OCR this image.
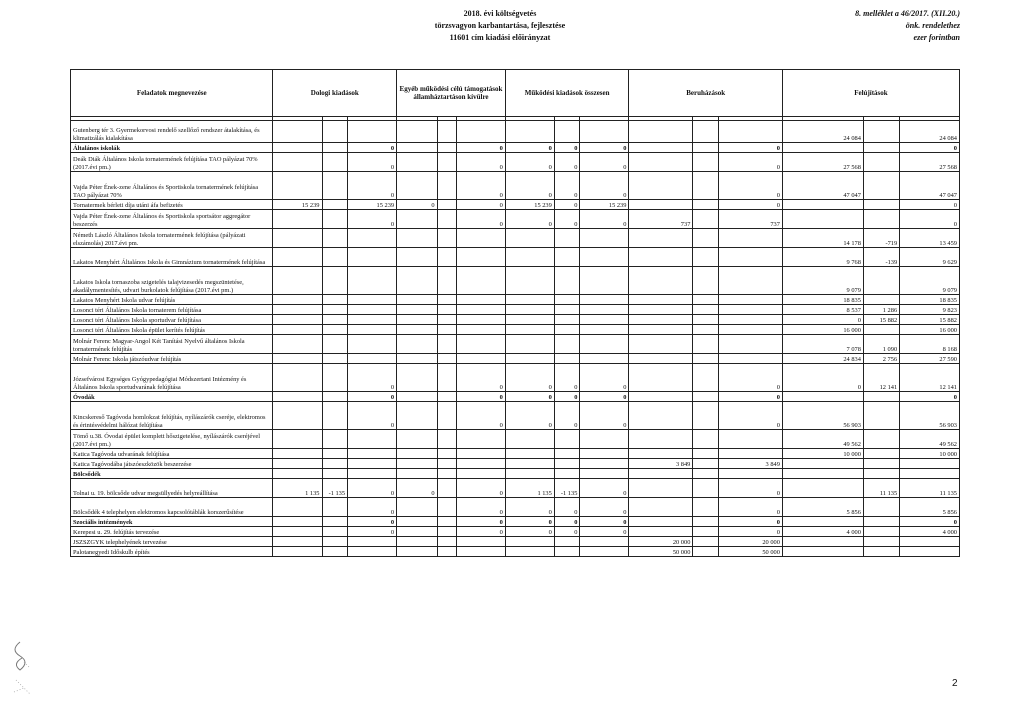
2018. évi költségvetés
törzsvagyon karbantartása, fejlesztése
11601 cím kiadási előirányzat
8. melléklet a 46/2017. (XII.20.)
önk. rendelethez
ezer forintban
Feladatok megnevezése	Dologi kiadások			Egyéb működési célú támogatások államháztartáson kívülre			Működési kiadások összesen			Beruházások			Felújítások		

Gutenberg tér 3. Gyermekorvosi rendelő szellőző rendszer átalakítása, és klimatizálás kialakítása													24 084		24 084
Általános iskolák			0			0	0	0	0			0			0
Deák Diák Általános Iskola tornatermének felújítása TAO pályázat 70% (2017.évi pm.)			0			0	0	0	0			0	27 568		27 568
Vajda Péter Ének-zene Általános és Sportiskola tornatermének felújítása TAO pályázat 70%			0			0	0	0	0			0	47 047		47 047
Tornatermek bérleti díja utáni áfa befizetés	15 239		15 239	0		0	15 239	0	15 239			0			0
Vajda Péter Ének-zene Általános és Sportiskola sportsátor aggregátor beszerzés			0			0	0	0	0	737		737			0
Németh László Általános Iskola tornatermének felújítása (pályázati elszámolás) 2017.évi pm.													14 178	-719	13 459
Lakatos Menyhért Általános Iskola és Gimnázium tornatermének felújítása													9 768	-139	9 629
Lakatos Iskola tornaszoba szigetelés talajvizesedés megszüntetése, akadálymentesítés, udvari burkolatok felújítása (2017.évi pm.)													9 079		9 079
Lakatos Menyhért Iskola udvar felújítás													18 835		18 835
Losonci téri Általános Iskola tornaterem felújítása													8 537	1 286	9 823
Losonci téri Általános Iskola sportudvar felújítása													0	15 882	15 882
Losonci téri Általános Iskola épület kerítés felújítás													16 000		16 000
Molnár Ferenc Magyar-Angol Két Tanítási Nyelvű általános Iskola tornatermének felújítás													7 078	1 090	8 168
Molnár Ferenc Iskola játszóudvar felújítás													24 834	2 756	27 590
Józsefvárosi Egységes Gyógypedagógiai Módszertani Intézmény és Általános Iskola sportudvarának felújítása			0			0	0	0	0			0	0	12 141	12 141
Óvodák			0			0	0	0	0			0			0
Kincskereső Tagóvoda homlokzat felújítás, nyílászárók cseréje, elektromos és érintésvédelmi hálózat felújítása			0			0	0	0	0			0	56 903		56 903
Tömő u.38. Óvodai épület komplett hőszigetelése, nyílászárók cseréjével (2017.évi pm.)													49 562		49 562
Katica Tagóvoda udvarának felújítása													10 000		10 000
Katica Tagóvodába játszóeszközök beszerzése										3 849		3 849			
Bölcsődék															
Tolnai u. 19. bölcsőde udvar megsüllyedés helyreállítása	1 135	-1 135	0	0		0	1 135	-1 135	0			0		11 135	11 135
Bölcsődék 4 telephelyen elektromos kapcsolótáblák korszerűsítése			0			0	0	0	0			0	5 856		5 856
Szociális intézmények			0			0	0	0	0			0			0
Kerepesi u. 29. felújítás tervezése			0			0	0	0	0			0	4 000		4 000
JSZSZGYK telephelyének tervezése										20 000		20 000			
Palotanegyedi Időskulb építés										50 000		50 000			
2
